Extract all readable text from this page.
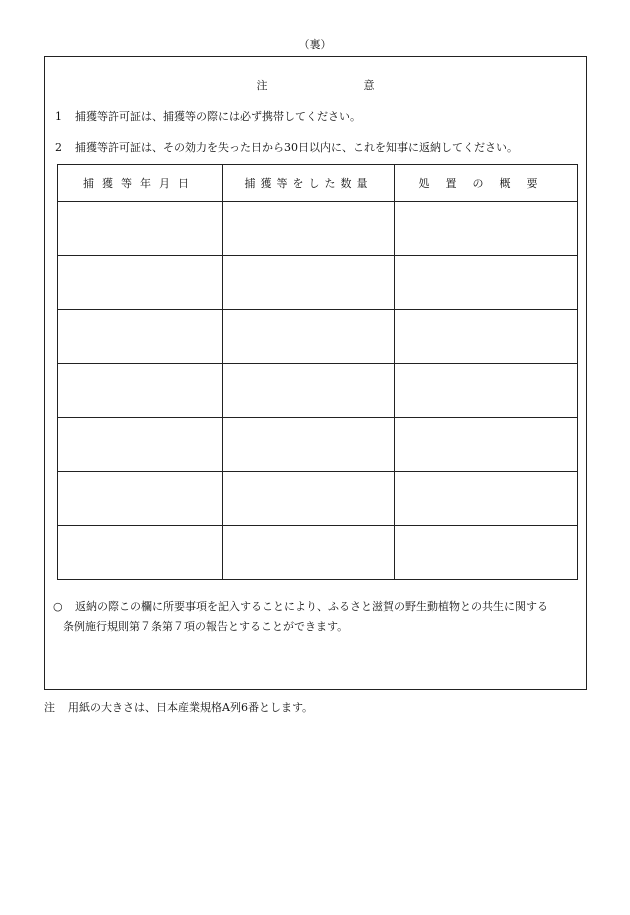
（裏）
注	意
1 捕獲等許可証は、捕獲等の際には必ず携帯してください。
2 捕獲等許可証は、その効力を失った日から30日以内に、これを知事に返納してください。
捕獲等年月日	捕獲等をした数量	処置の概要

○ 返納の際この欄に所要事項を記入することにより、ふるさと滋賀の野生動植物との共生に関する
条例施行規則第７条第７項の報告とすることができます。
注 用紙の大きさは、日本産業規格A列6番とします。
